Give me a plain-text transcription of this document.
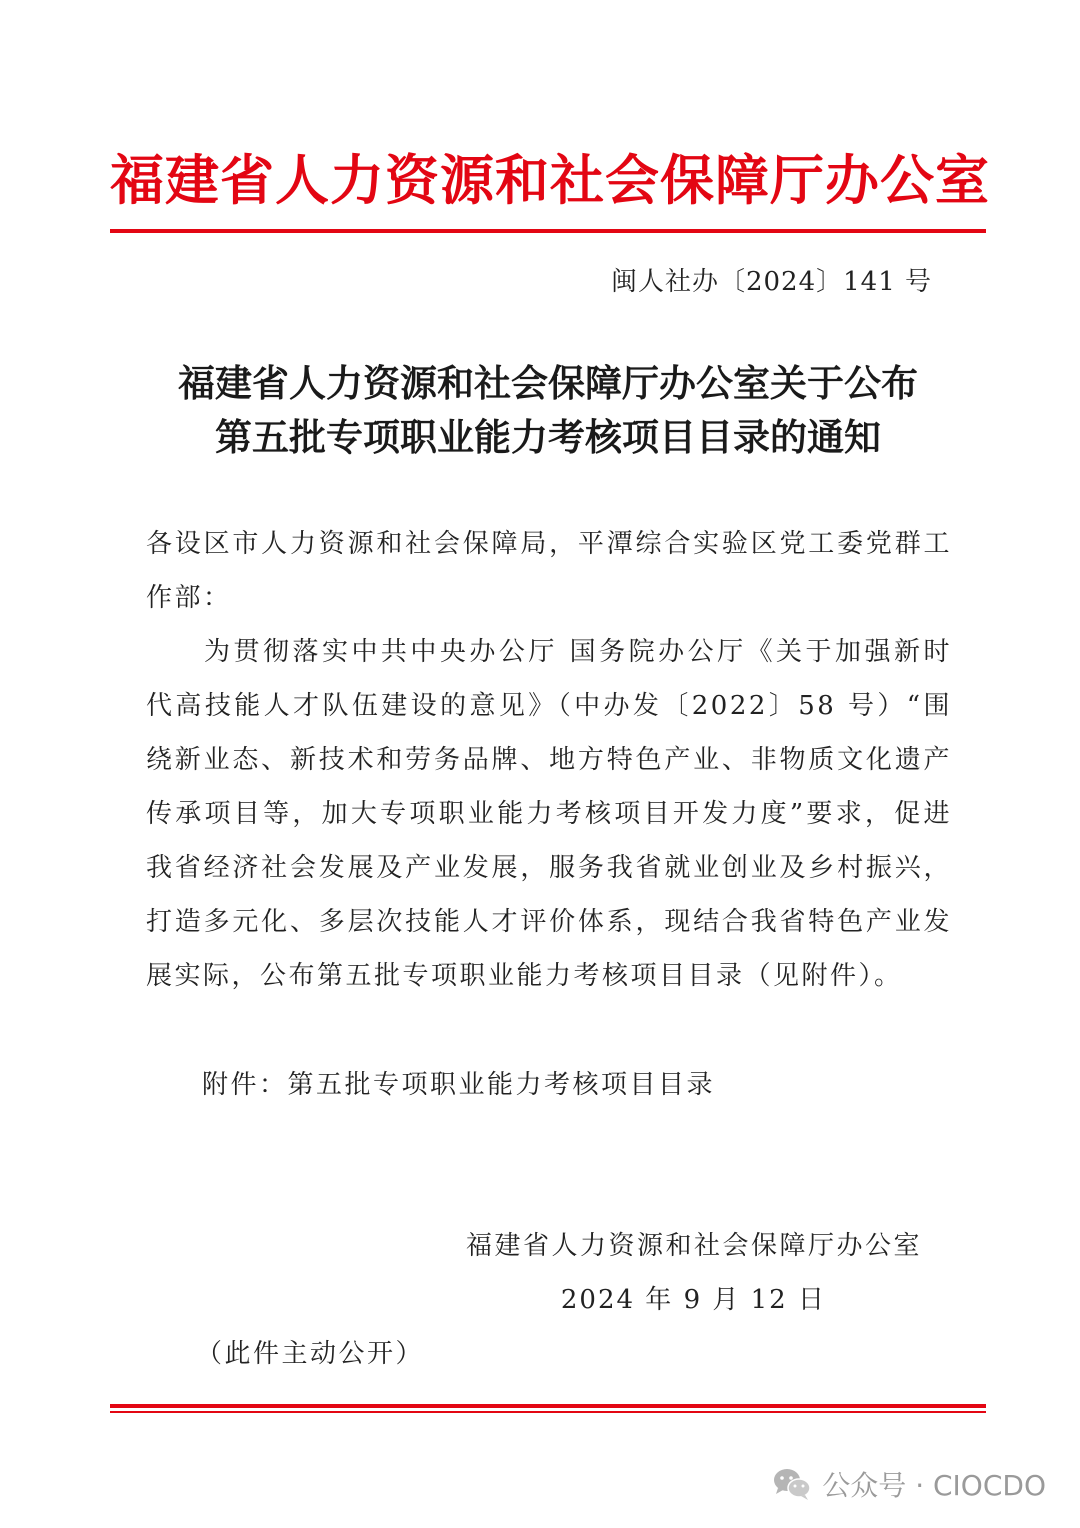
福建省人力资源和社会保障厅办公室
闽人社办〔2024〕141 号
福建省人力资源和社会保障厅办公室关于公布
第五批专项职业能力考核项目目录的通知
各设区市人力资源和社会保障局，平潭综合实验区党工委党群工作部：
为贯彻落实中共中央办公厅 国务院办公厅《关于加强新时代高技能人才队伍建设的意见》（中办发〔2022〕58 号）“围绕新业态、新技术和劳务品牌、地方特色产业、非物质文化遗产传承项目等，加大专项职业能力考核项目开发力度”要求，促进我省经济社会发展及产业发展，服务我省就业创业及乡村振兴，打造多元化、多层次技能人才评价体系，现结合我省特色产业发展实际，公布第五批专项职业能力考核项目目录（见附件）。
附件：第五批专项职业能力考核项目目录
福建省人力资源和社会保障厅办公室
2024 年 9 月 12 日
（此件主动公开）
公众号 · CIOCDO
